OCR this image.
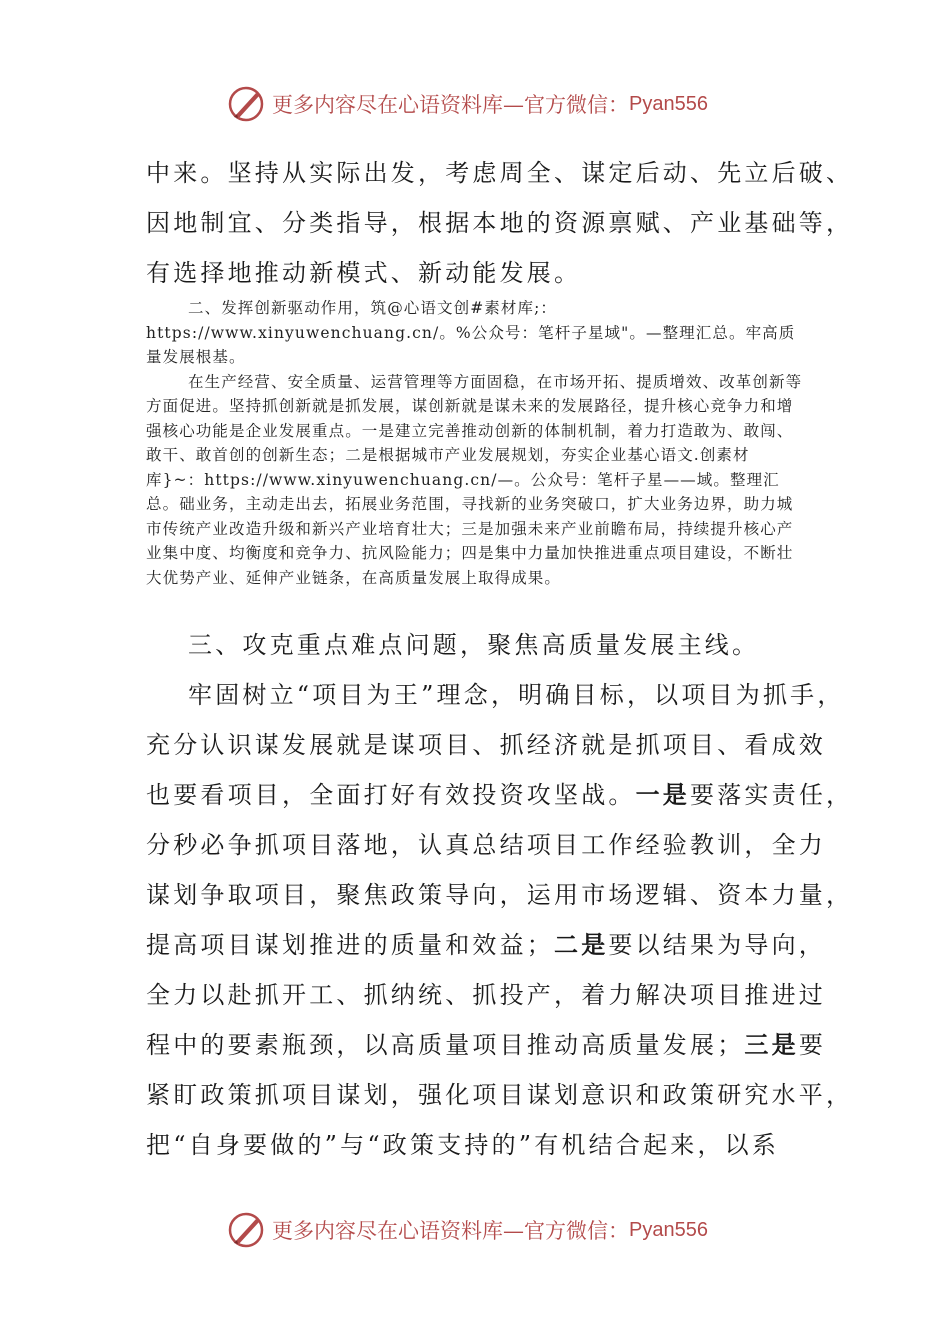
更多内容尽在心语资料库—官方微信： Pyan556
中来。坚持从实际出发，考虑周全、谋定后动、先立后破、
因地制宜、分类指导，根据本地的资源禀赋、产业基础等，
有选择地推动新模式、新动能发展。

二、发挥创新驱动作用，筑@心语文创#素材库;：https://www.xinyuwenchuang.cn/。%公众号：笔杆子星域"。—整理汇总。牢高质量发展根基。

在生产经营、安全质量、运营管理等方面固稳，在市场开拓、提质增效、改革创新等方面促进。坚持抓创新就是抓发展，谋创新就是谋未来的发展路径，提升核心竞争力和增强核心功能是企业发展重点。一是建立完善推动创新的体制机制，着力打造敢为、敢闯、敢干、敢首创的创新生态；二是根据城市产业发展规划，夯实企业基心语文.创素材库}~：https://www.xinyuwenchuang.cn/—。公众号：笔杆子星——域。整理汇总。础业务，主动走出去，拓展业务范围，寻找新的业务突破口，扩大业务边界，助力城市传统产业改造升级和新兴产业培育壮大；三是加强未来产业前瞻布局，持续提升核心产业集中度、均衡度和竞争力、抗风险能力；四是集中力量加快推进重点项目建设，不断壮大优势产业、延伸产业链条，在高质量发展上取得成果。

三、攻克重点难点问题，聚焦高质量发展主线。
牢固树立“项目为王”理念，明确目标，以项目为抓手，
充分认识谋发展就是谋项目、抓经济就是抓项目、看成效
也要看项目，全面打好有效投资攻坚战。一是要落实责任，
分秒必争抓项目落地，认真总结项目工作经验教训，全力
谋划争取项目，聚焦政策导向，运用市场逻辑、资本力量，
提高项目谋划推进的质量和效益；二是要以结果为导向，
全力以赴抓开工、抓纳统、抓投产，着力解决项目推进过
程中的要素瓶颈，以高质量项目推动高质量发展；三是要
紧盯政策抓项目谋划，强化项目谋划意识和政策研究水平，
把“自身要做的”与“政策支持的”有机结合起来，以系
更多内容尽在心语资料库—官方微信： Pyan556
